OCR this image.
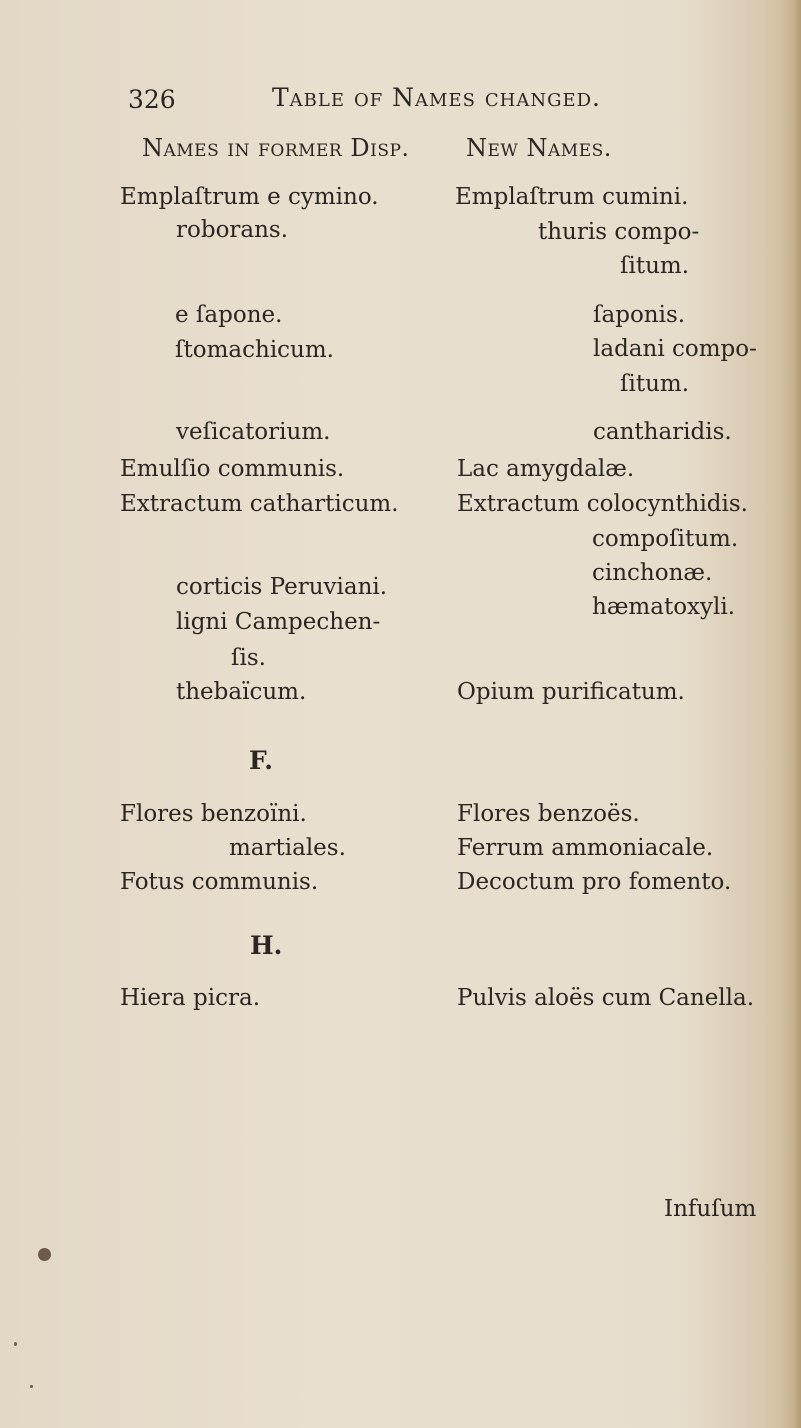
326	Table of Names changed.
Names in former Disp. New Names.
Emplaſtrum e cymino.
roborans.
e ſapone.
ſtomachicum.
veſicatorium.
Emulſio communis.
Extractum catharticum.
corticis Peruviani.
ligni Campechen-
ſis.
thebaïcum.
F.
Flores benzoïni.
martiales.
Fotus communis.
H.
Hiera picra.
Emplaſtrum cumini.
thuris compo-
ſitum.
ſaponis.
ladani compo-
ſitum.
cantharidis.
Lac amygdalæ.
Extractum colocynthidis.
compoſitum.
cinchonæ.
hæmatoxyli.
Opium purificatum.
Flores benzoës.
Ferrum ammoniacale.
Decoctum pro fomento.
Pulvis aloës cum Canella.
Infuſum
